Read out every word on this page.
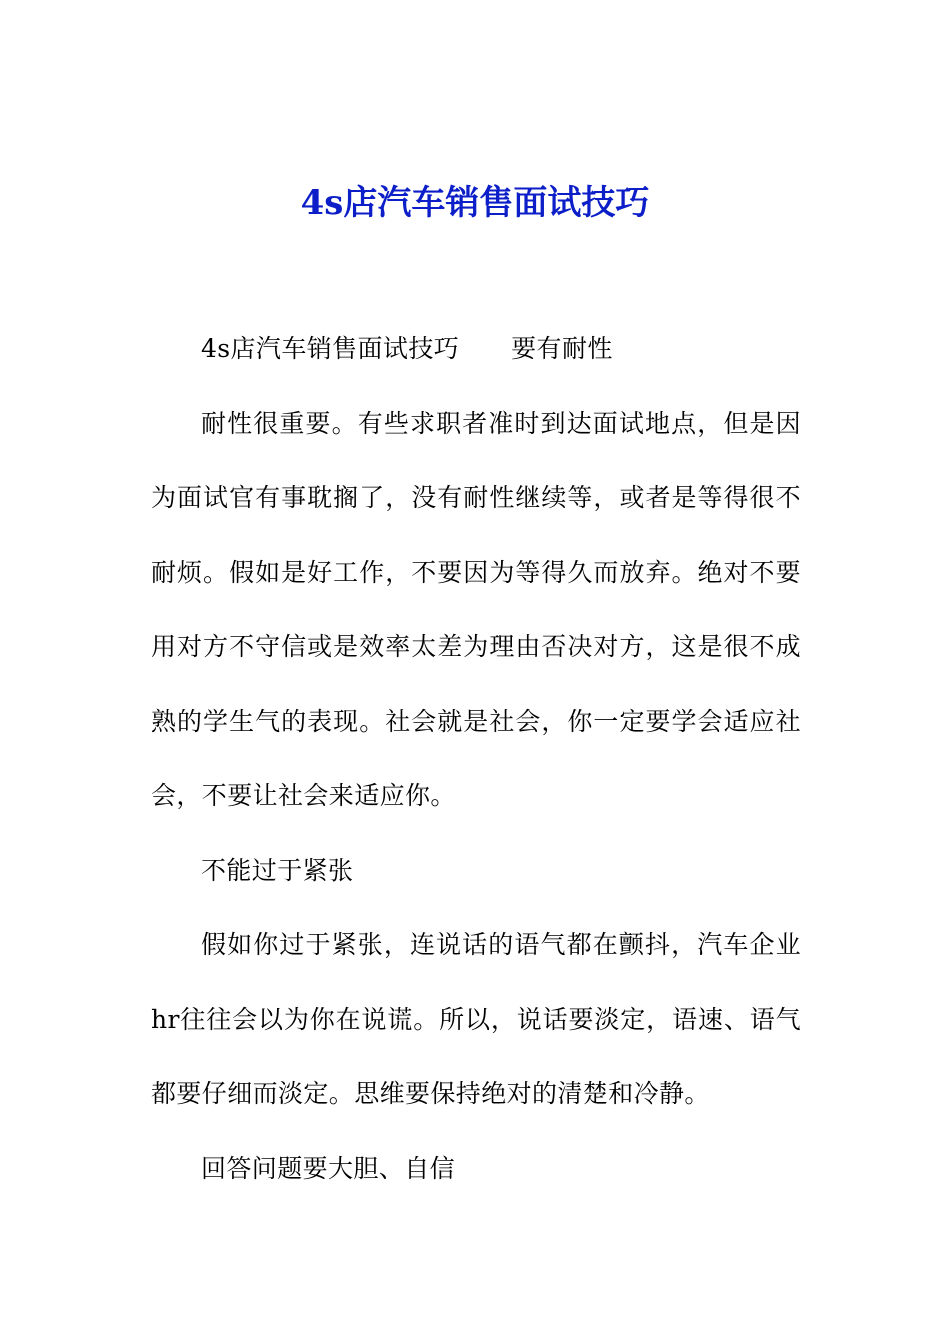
4s店汽车销售面试技巧

4s店汽车销售面试技巧 要有耐性

耐性很重要。有些求职者准时到达面试地点，但是因为面试官有事耽搁了，没有耐性继续等，或者是等得很不耐烦。假如是好工作，不要因为等得久而放弃。绝对不要用对方不守信或是效率太差为理由否决对方，这是很不成熟的学生气的表现。社会就是社会，你一定要学会适应社会，不要让社会来适应你。

不能过于紧张

假如你过于紧张，连说话的语气都在颤抖，汽车企业hr往往会以为你在说谎。所以，说话要淡定，语速、语气都要仔细而淡定。思维要保持绝对的清楚和冷静。

回答问题要大胆、自信
